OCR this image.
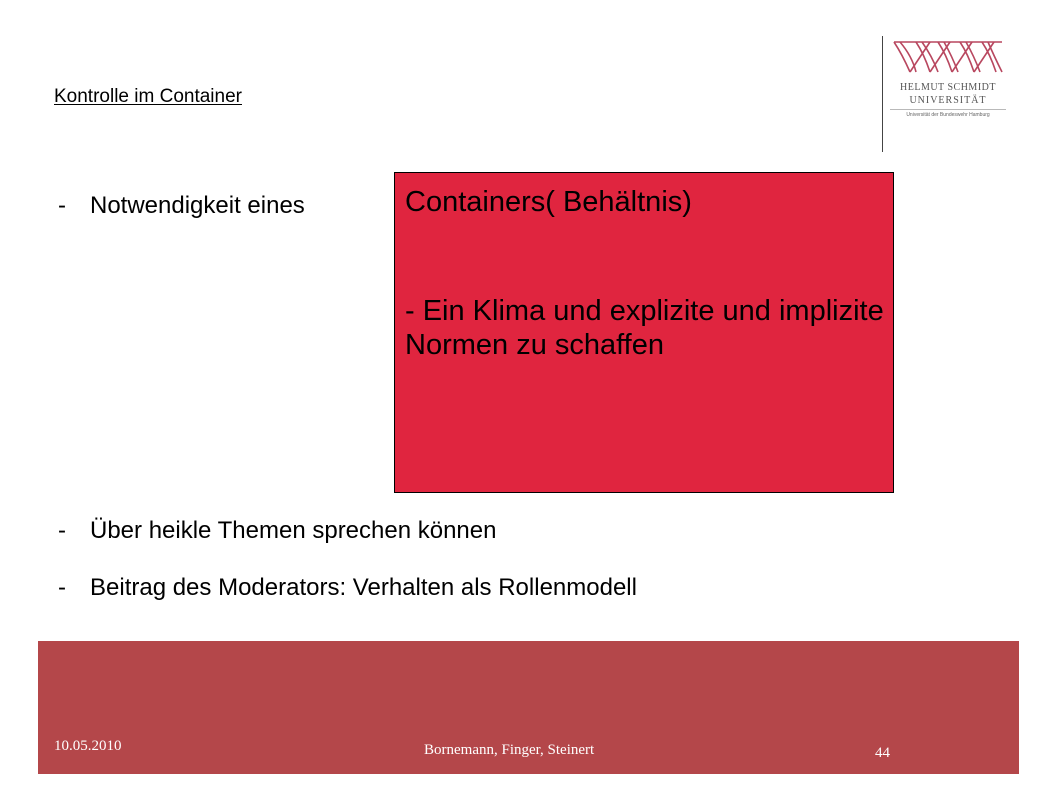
Kontrolle im Container	HELMUT SCHMIDT
UNIVERSITÄT
Universität der Bundeswehr Hamburg
- Notwendigkeit eines	Containers( Behältnis)
- Ein Klima und explizite und implizite Normen zu schaffen
- Über heikle Themen sprechen können
- Beitrag des Moderators: Verhalten als Rollenmodell
10.05.2010	Bornemann, Finger, Steinert	44
